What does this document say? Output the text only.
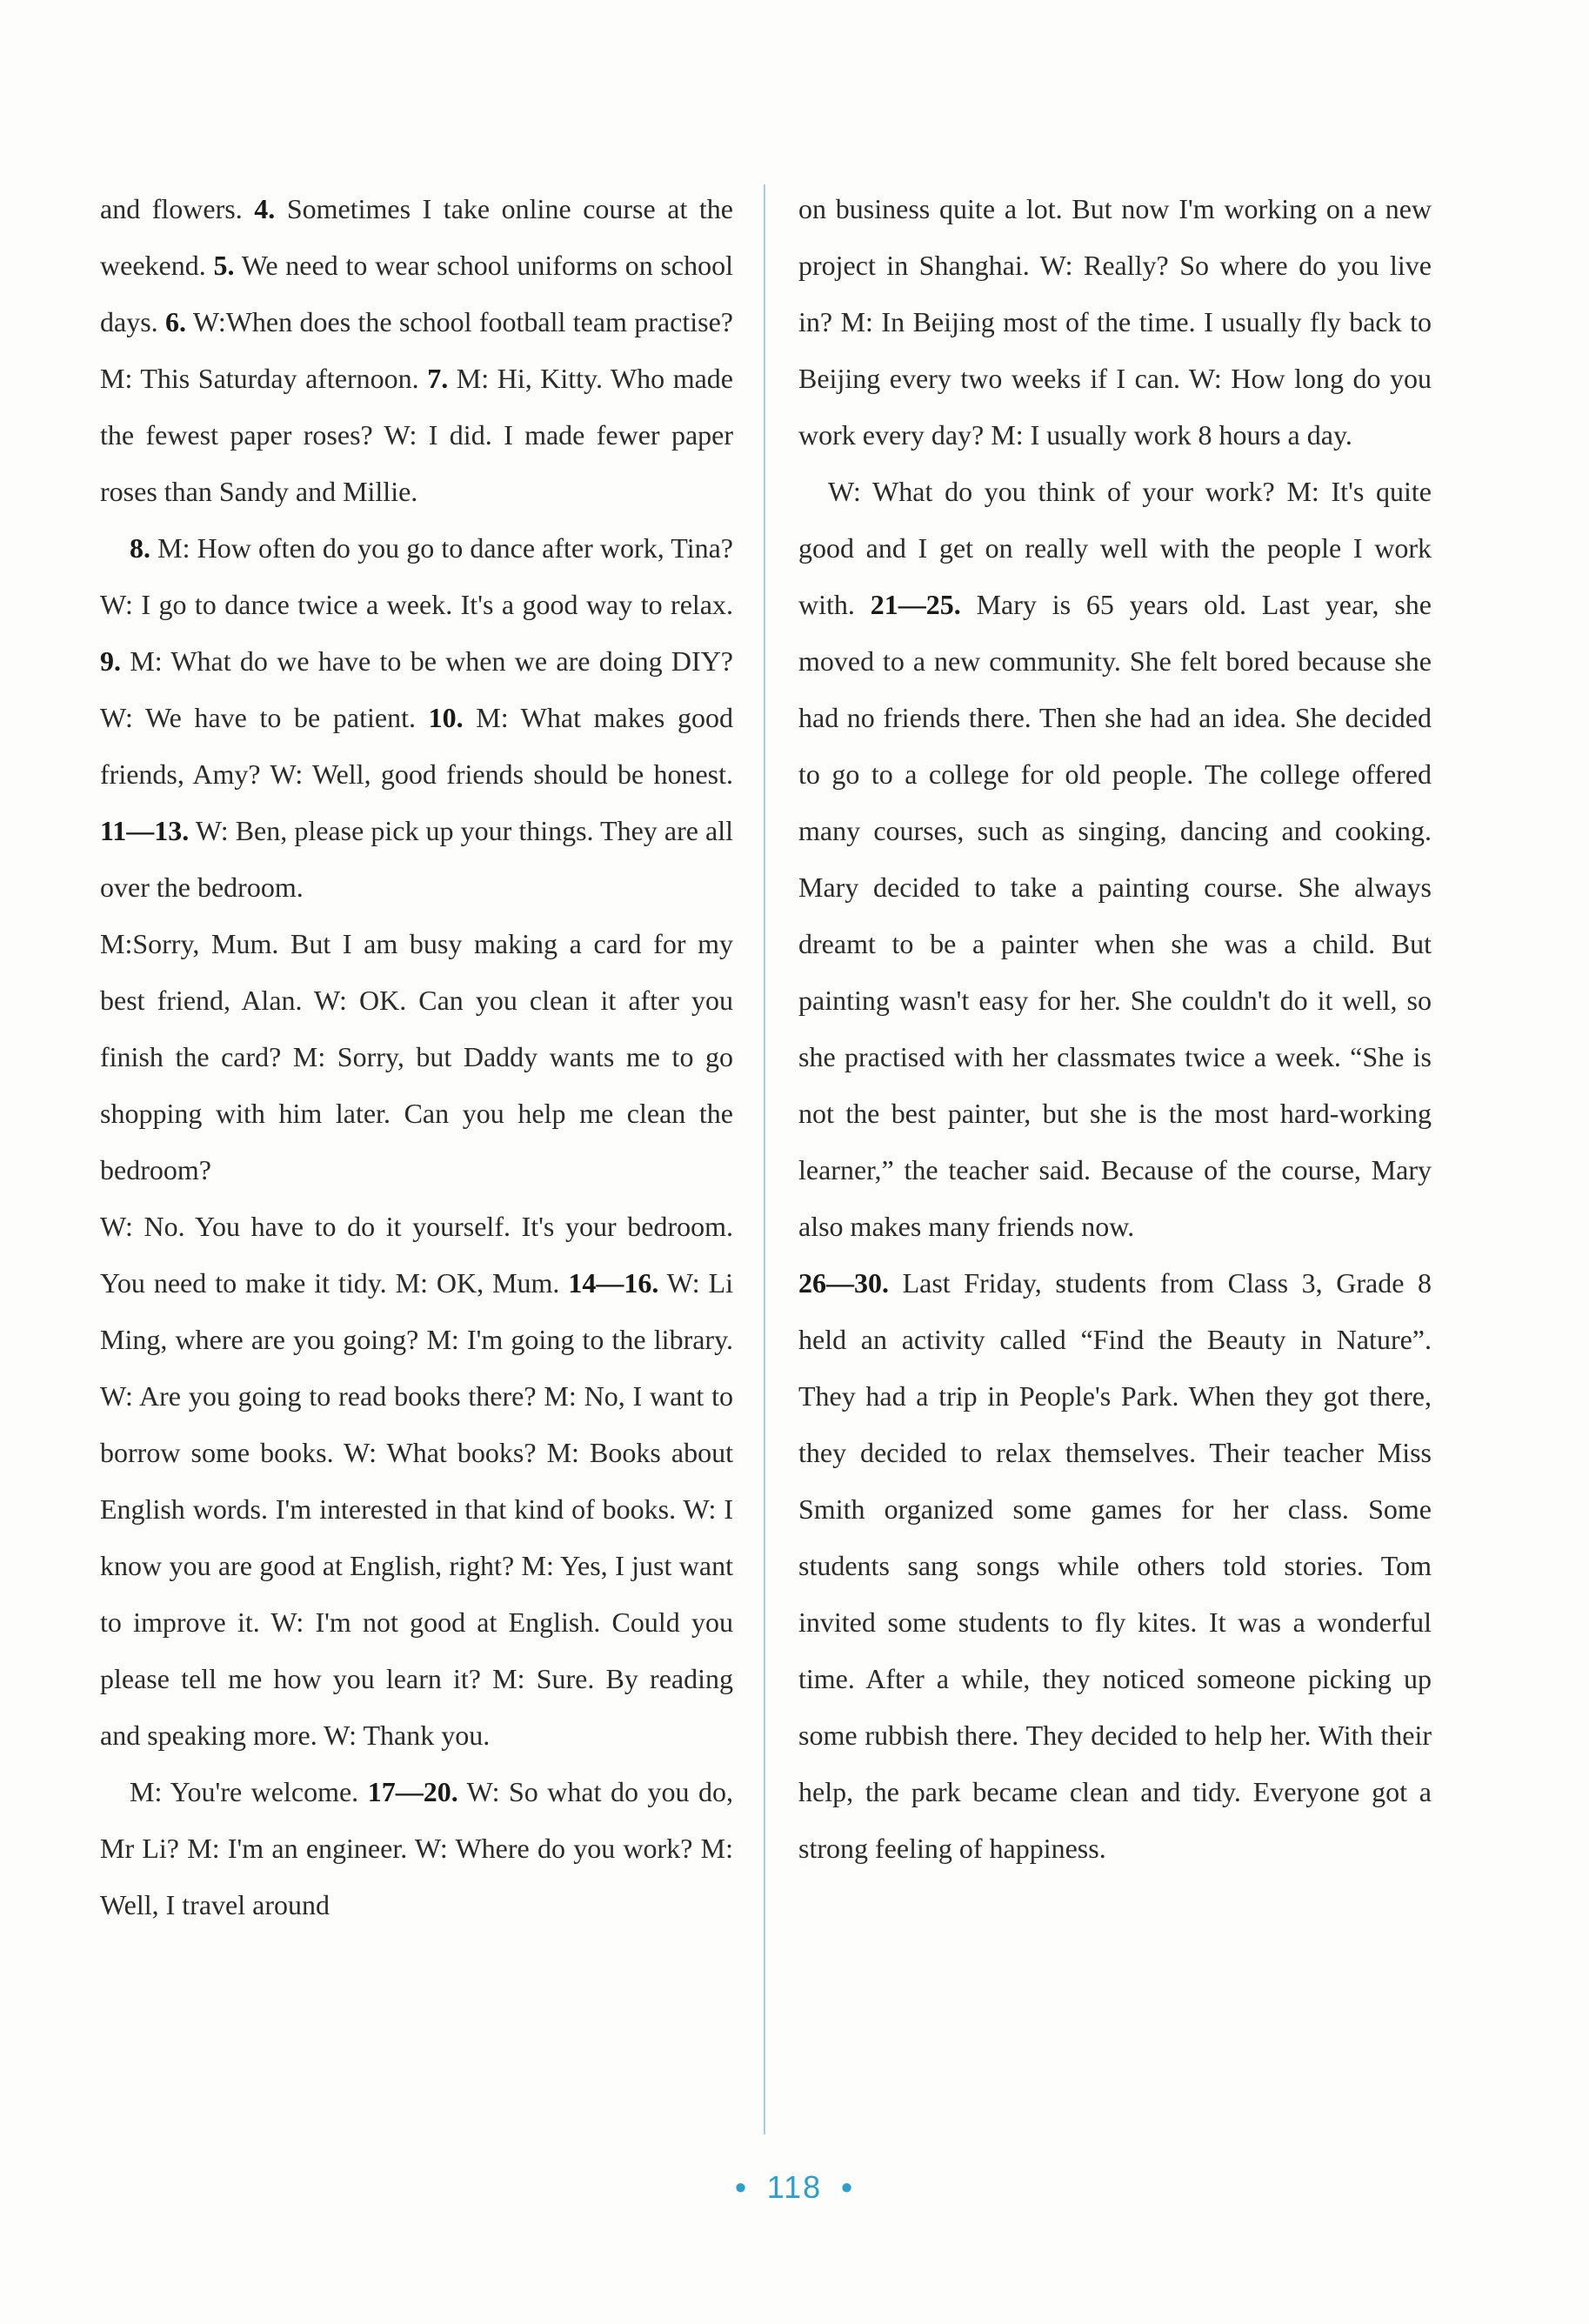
and flowers. 4. Sometimes I take online course at the weekend. 5. We need to wear school uniforms on school days. 6. W:When does the school football team practise? M: This Saturday afternoon. 7. M: Hi, Kitty. Who made the fewest paper roses? W: I did. I made fewer paper roses than Sandy and Millie.

8. M: How often do you go to dance after work, Tina? W: I go to dance twice a week. It's a good way to relax. 9. M: What do we have to be when we are doing DIY? W: We have to be patient. 10. M: What makes good friends, Amy? W: Well, good friends should be honest. 11—13. W: Ben, please pick up your things. They are all over the bedroom.

M:Sorry, Mum. But I am busy making a card for my best friend, Alan. W: OK. Can you clean it after you finish the card? M: Sorry, but Daddy wants me to go shopping with him later. Can you help me clean the bedroom?

W: No. You have to do it yourself. It's your bedroom. You need to make it tidy. M: OK, Mum. 14—16. W: Li Ming, where are you going? M: I'm going to the library. W: Are you going to read books there? M: No, I want to borrow some books. W: What books? M: Books about English words. I'm interested in that kind of books. W: I know you are good at English, right? M: Yes, I just want to improve it. W: I'm not good at English. Could you please tell me how you learn it? M: Sure. By reading and speaking more. W: Thank you.

M: You're welcome. 17—20. W: So what do you do, Mr Li? M: I'm an engineer. W: Where do you work? M: Well, I travel around

on business quite a lot. But now I'm working on a new project in Shanghai. W: Really? So where do you live in? M: In Beijing most of the time. I usually fly back to Beijing every two weeks if I can. W: How long do you work every day? M: I usually work 8 hours a day.

W: What do you think of your work? M: It's quite good and I get on really well with the people I work with. 21—25. Mary is 65 years old. Last year, she moved to a new community. She felt bored because she had no friends there. Then she had an idea. She decided to go to a college for old people. The college offered many courses, such as singing, dancing and cooking. Mary decided to take a painting course. She always dreamt to be a painter when she was a child. But painting wasn't easy for her. She couldn't do it well, so she practised with her classmates twice a week. “She is not the best painter, but she is the most hard-working learner,” the teacher said. Because of the course, Mary also makes many friends now.

26—30. Last Friday, students from Class 3, Grade 8 held an activity called “Find the Beauty in Nature”. They had a trip in People's Park. When they got there, they decided to relax themselves. Their teacher Miss Smith organized some games for her class. Some students sang songs while others told stories. Tom invited some students to fly kites. It was a wonderful time. After a while, they noticed someone picking up some rubbish there. They decided to help her. With their help, the park became clean and tidy. Everyone got a strong feeling of happiness.

• 118 •
